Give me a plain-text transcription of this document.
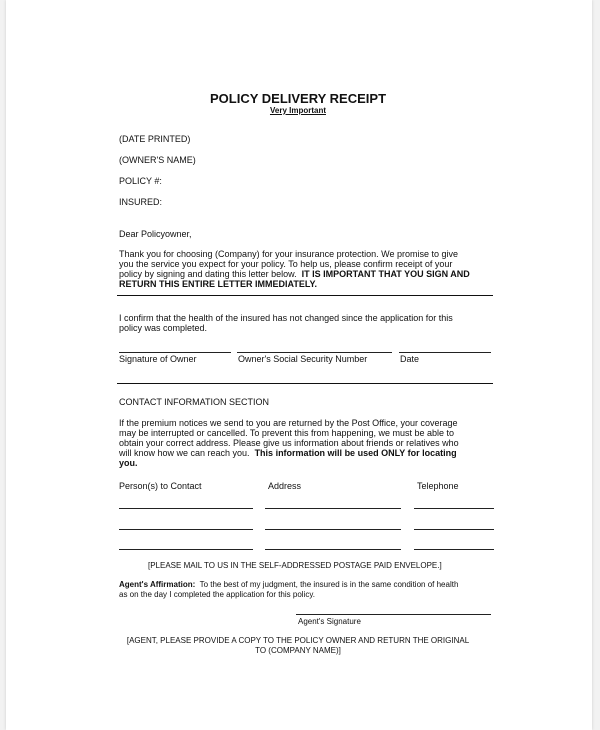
POLICY DELIVERY RECEIPT
Very Important
(DATE PRINTED)
(OWNER'S NAME)
POLICY #:
INSURED:
Dear Policyowner,
Thank you for choosing (Company) for your insurance protection. We promise to give
you the service you expect for your policy. To help us, please confirm receipt of your
policy by signing and dating this letter below.  IT IS IMPORTANT THAT YOU SIGN AND
RETURN THIS ENTIRE LETTER IMMEDIATELY.
I confirm that the health of the insured has not changed since the application for this
policy was completed.
Signature of Owner	Owner's Social Security Number	Date
CONTACT INFORMATION SECTION
If the premium notices we send to you are returned by the Post Office, your coverage
may be interrupted or cancelled. To prevent this from happening, we must be able to
obtain your correct address. Please give us information about friends or relatives who
will know how we can reach you.  This information will be used ONLY for locating
you.
Person(s) to Contact	Address	Telephone
[PLEASE MAIL TO US IN THE SELF-ADDRESSED POSTAGE PAID ENVELOPE.]
Agent's Affirmation:  To the best of my judgment, the insured is in the same condition of health
as on the day I completed the application for this policy.
Agent's Signature
[AGENT, PLEASE PROVIDE A COPY TO THE POLICY OWNER AND RETURN THE ORIGINAL
TO (COMPANY NAME)]
